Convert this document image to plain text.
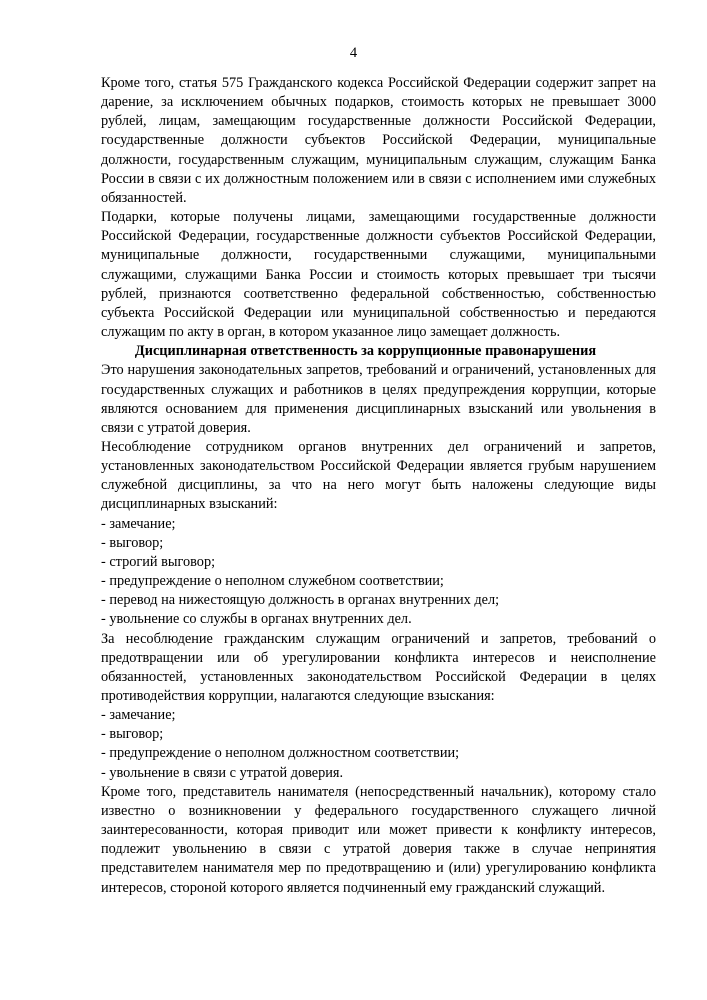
4

Кроме того, статья 575 Гражданского кодекса Российской Федерации содержит запрет на дарение, за исключением обычных подарков, стоимость которых не превышает 3000 рублей, лицам, замещающим государственные должности Российской Федерации, государственные должности субъектов Российской Федерации, муниципальные должности, государственным служащим, муниципальным служащим, служащим Банка России в связи с их должностным положением или в связи с исполнением ими служебных обязанностей.

Подарки, которые получены лицами, замещающими государственные должности Российской Федерации, государственные должности субъектов Российской Федерации, муниципальные должности, государственными служащими, муниципальными служащими, служащими Банка России и стоимость которых превышает три тысячи рублей, признаются соответственно федеральной собственностью, собственностью субъекта Российской Федерации или муниципальной собственностью и передаются служащим по акту в орган, в котором указанное лицо замещает должность.

Дисциплинарная ответственность за коррупционные правонарушения

Это нарушения законодательных запретов, требований и ограничений, установленных для государственных служащих и работников в целях предупреждения коррупции, которые являются основанием для применения дисциплинарных взысканий или увольнения в связи с утратой доверия.

Несоблюдение сотрудником органов внутренних дел ограничений и запретов, установленных законодательством Российской Федерации является грубым нарушением служебной дисциплины, за что на него могут быть наложены следующие виды дисциплинарных взысканий:

- замечание;
- выговор;
- строгий выговор;
- предупреждение о неполном служебном соответствии;
- перевод на нижестоящую должность в органах внутренних дел;
- увольнение со службы в органах внутренних дел.

За несоблюдение гражданским служащим ограничений и запретов, требований о предотвращении или об урегулировании конфликта интересов и неисполнение обязанностей, установленных законодательством Российской Федерации в целях противодействия коррупции, налагаются следующие взыскания:

- замечание;
- выговор;
- предупреждение о неполном должностном соответствии;
- увольнение в связи с утратой доверия.

Кроме того, представитель нанимателя (непосредственный начальник), которому стало известно о возникновении у федерального государственного служащего личной заинтересованности, которая приводит или может привести к конфликту интересов, подлежит увольнению в связи с утратой доверия также в случае непринятия представителем нанимателя мер по предотвращению и (или) урегулированию конфликта интересов, стороной которого является подчиненный ему гражданский служащий.
